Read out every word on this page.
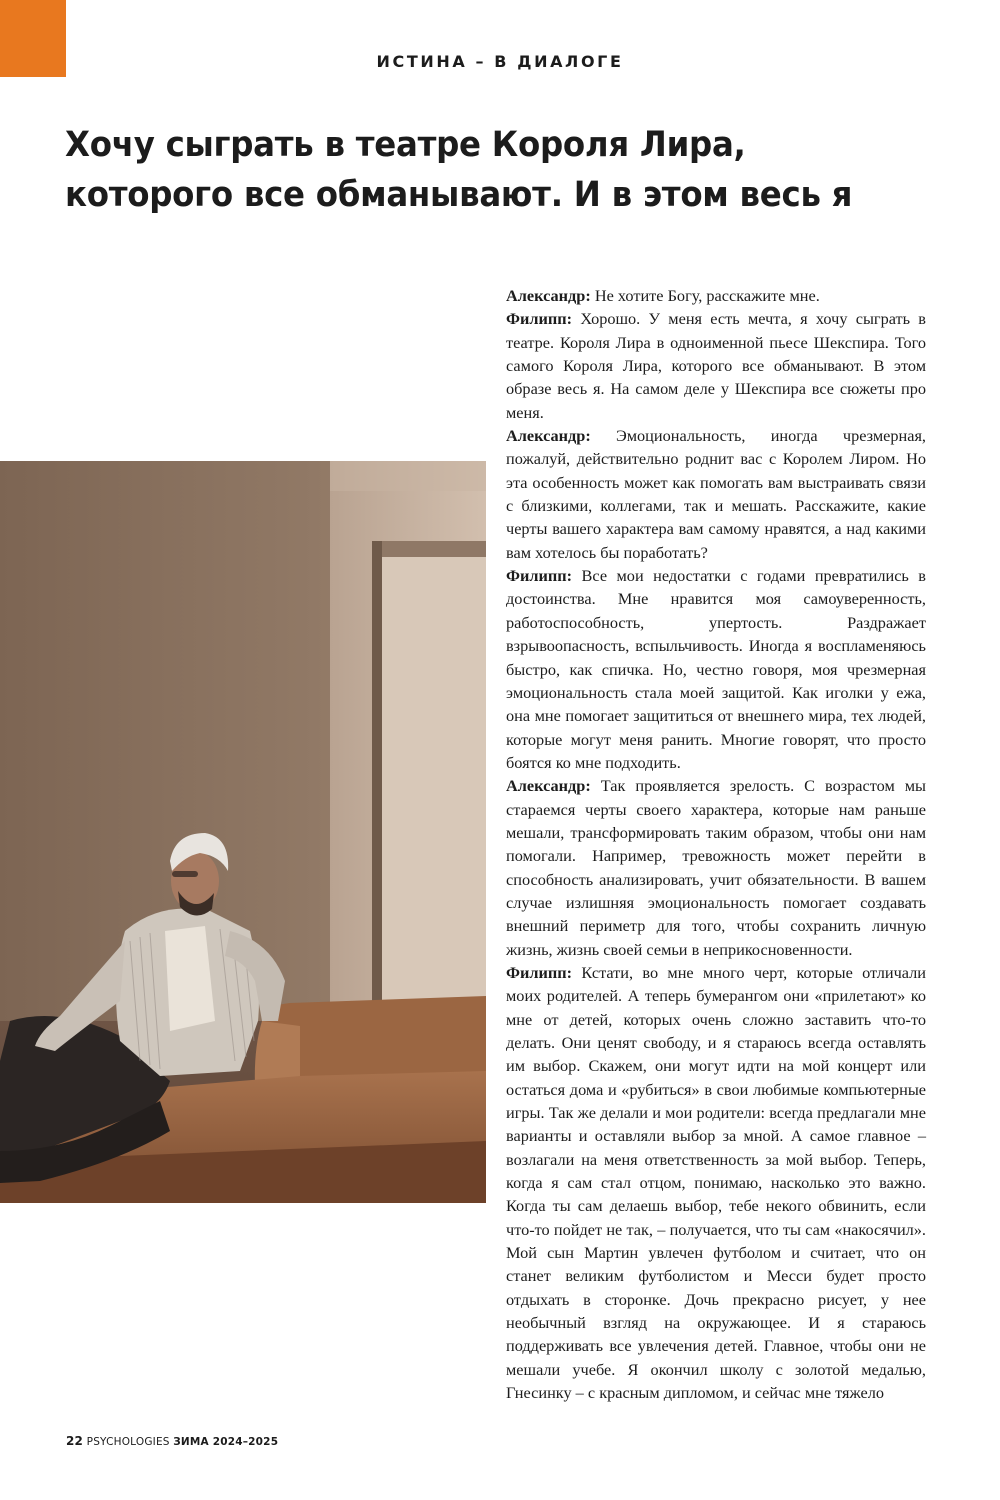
ИСТИНА – В ДИАЛОГЕ
Хочу сыграть в театре Короля Лира, которого все обманывают. И в этом весь я

Александр: Не хотите Богу, расскажите мне.

Филипп: Хорошо. У меня есть мечта, я хочу сыграть в театре. Короля Лира в одноименной пьесе Шекспира. Того самого Короля Лира, которого все обманывают. В этом образе весь я. На самом деле у Шекспира все сюжеты про меня.

Александр: Эмоциональность, иногда чрезмерная, пожалуй, действительно роднит вас с Королем Лиром. Но эта особенность может как помогать вам выстраивать связи с близкими, коллегами, так и мешать. Расскажите, какие черты вашего характера вам самому нравятся, а над какими вам хотелось бы поработать?

Филипп: Все мои недостатки с годами превратились в достоинства. Мне нравится моя самоуверенность, работоспособность, упертость. Раздражает взрывоопасность, вспыльчивость. Иногда я воспламеняюсь быстро, как спичка. Но, честно говоря, моя чрезмерная эмоциональность стала моей защитой. Как иголки у ежа, она мне помогает защититься от внешнего мира, тех людей, которые могут меня ранить. Многие говорят, что просто боятся ко мне подходить.

Александр: Так проявляется зрелость. С возрастом мы стараемся черты своего характера, которые нам раньше мешали, трансформировать таким образом, чтобы они нам помогали. Например, тревожность может перейти в способность анализировать, учит обязательности. В вашем случае излишняя эмоциональность помогает создавать внешний периметр для того, чтобы сохранить личную жизнь, жизнь своей семьи в неприкосновенности.

Филипп: Кстати, во мне много черт, которые отличали моих родителей. А теперь бумерангом они «прилетают» ко мне от детей, которых очень сложно заставить что-то делать. Они ценят свободу, и я стараюсь всегда оставлять им выбор. Скажем, они могут идти на мой концерт или остаться дома и «рубиться» в свои любимые компьютерные игры. Так же делали и мои родители: всегда предлагали мне варианты и оставляли выбор за мной. А самое главное – возлагали на меня ответственность за мой выбор. Теперь, когда я сам стал отцом, понимаю, насколько это важно. Когда ты сам делаешь выбор, тебе некого обвинить, если что-то пойдет не так, – получается, что ты сам «накосячил». Мой сын Мартин увлечен футболом и считает, что он станет великим футболистом и Месси будет просто отдыхать в сторонке. Дочь прекрасно рисует, у нее необычный взгляд на окружающее. И я стараюсь поддерживать все увлечения детей. Главное, чтобы они не мешали учебе. Я окончил школу с золотой медалью, Гнесинку – с красным дипломом, и сейчас мне тяжело

22 PSYCHOLOGIES ЗИМА 2024–2025
